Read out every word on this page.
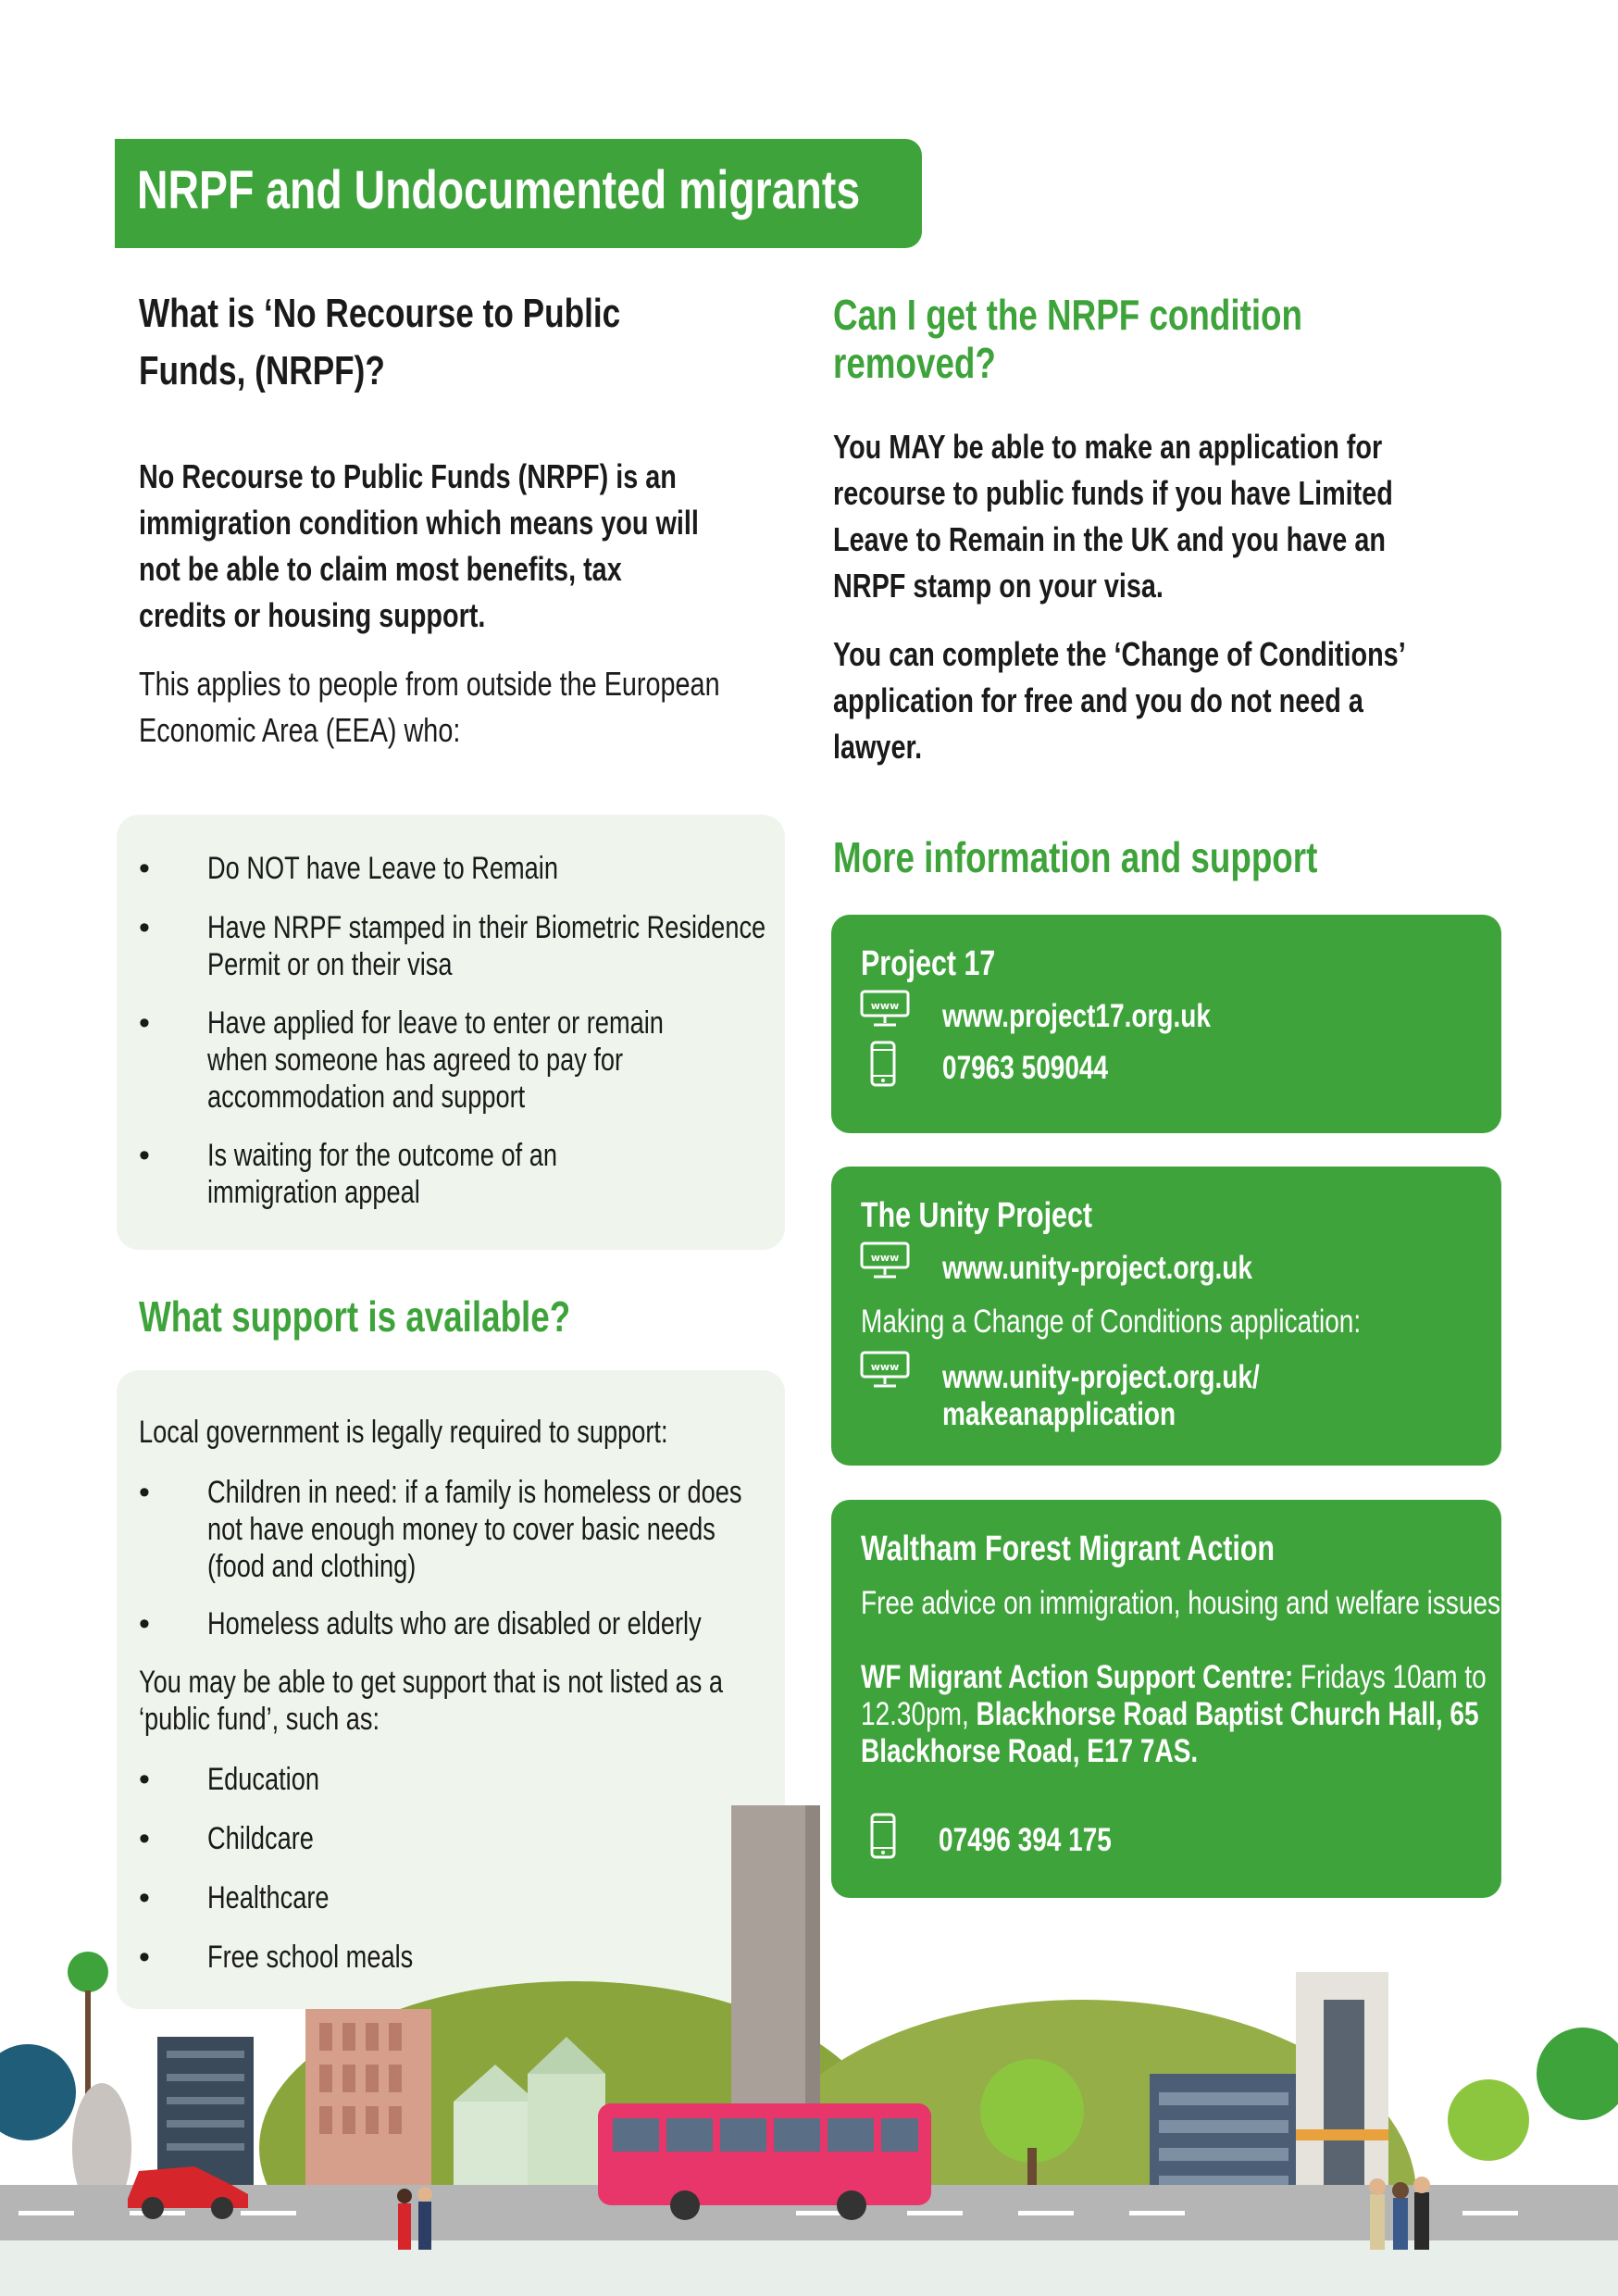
NRPF and Undocumented migrants
What is ‘No Recourse to Public
Funds, (NRPF)?
No Recourse to Public Funds (NRPF) is an
immigration condition which means you will
not be able to claim most benefits, tax
credits or housing support.
This applies to people from outside the European
Economic Area (EEA) who:
• Do NOT have Leave to Remain
• Have NRPF stamped in their Biometric Residence
Permit or on their visa
• Have applied for leave to enter or remain
when someone has agreed to pay for
accommodation and support
• Is waiting for the outcome of an
immigration appeal
What support is available?
Local government is legally required to support:
• Children in need: if a family is homeless or does
not have enough money to cover basic needs
(food and clothing)
• Homeless adults who are disabled or elderly
You may be able to get support that is not listed as a
‘public fund’, such as:
• Education
• Childcare
• Healthcare
• Free school meals
Can I get the NRPF condition
removed?
You MAY be able to make an application for
recourse to public funds if you have Limited
Leave to Remain in the UK and you have an
NRPF stamp on your visa.
You can complete the ‘Change of Conditions’
application for free and you do not need a
lawyer.
More information and support
Project 17
www www.project17.org.uk
07963 509044
The Unity Project
www www.unity-project.org.uk
Making a Change of Conditions application:
www www.unity-project.org.uk/
makeanapplication
Waltham Forest Migrant Action
Free advice on immigration, housing and welfare issues
WF Migrant Action Support Centre: Fridays 10am to
12.30pm, Blackhorse Road Baptist Church Hall, 65
Blackhorse Road, E17 7AS.
07496 394 175
